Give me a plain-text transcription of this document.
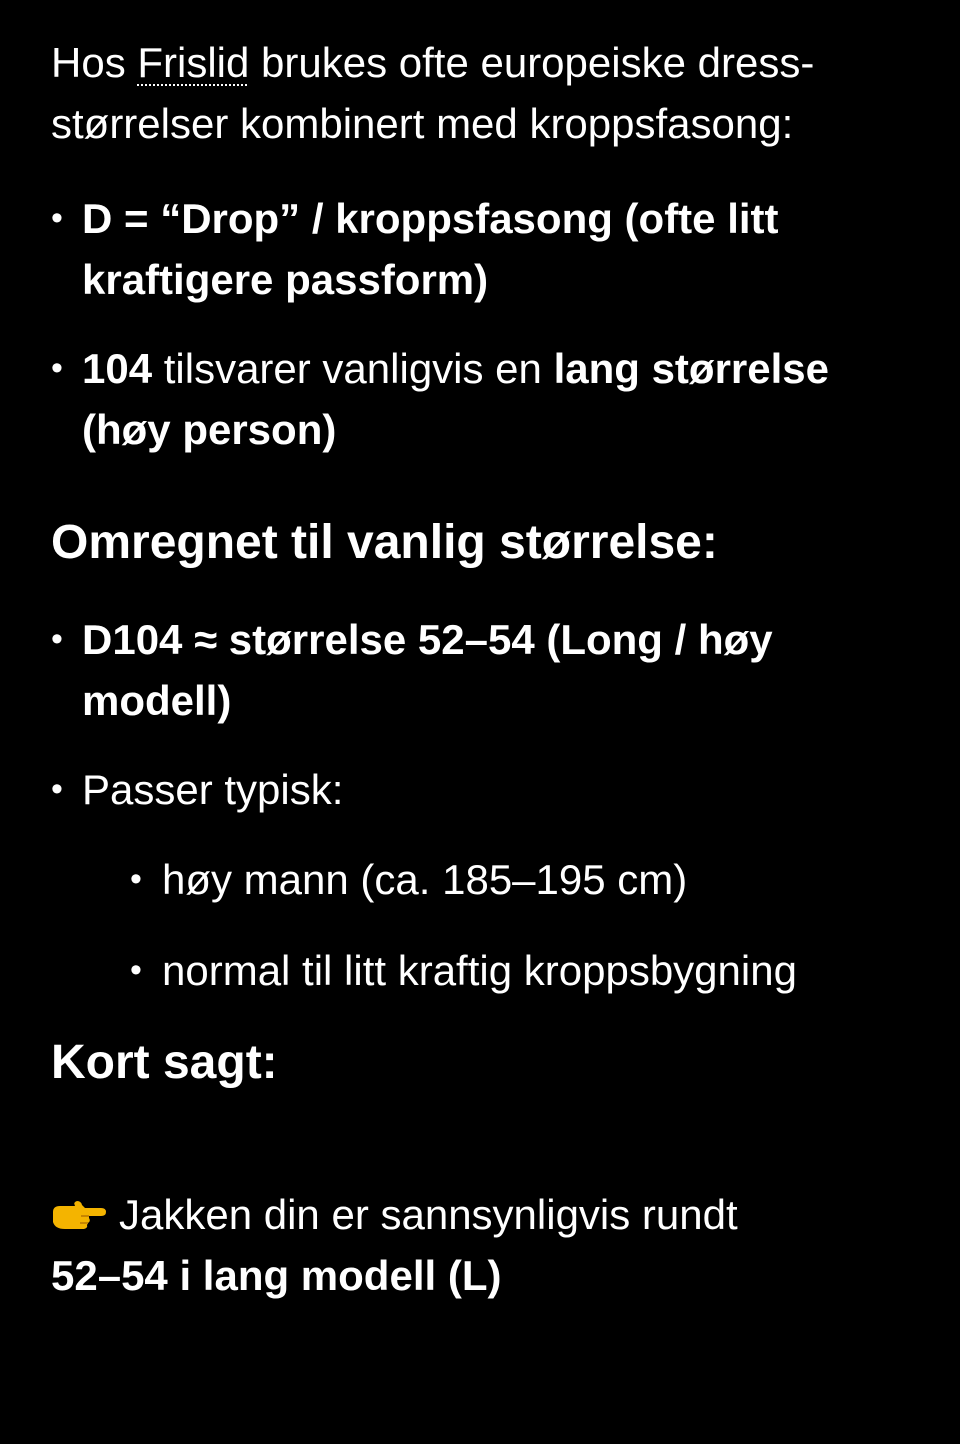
Hos Frislid brukes ofte europeiske dress-størrelser kombinert med kroppsfasong:

• D = “Drop” / kroppsfasong (ofte litt kraftigere passform)
• 104 tilsvarer vanligvis en lang størrelse (høy person)
Omregnet til vanlig størrelse:
• D104 ≈ størrelse 52–54 (Long / høy modell)
• Passer typisk:
• høy mann (ca. 185–195 cm)
• normal til litt kraftig kroppsbygning
Kort sagt:
Jakken din er sannsynligvis rundt
52–54 i lang modell (L)
